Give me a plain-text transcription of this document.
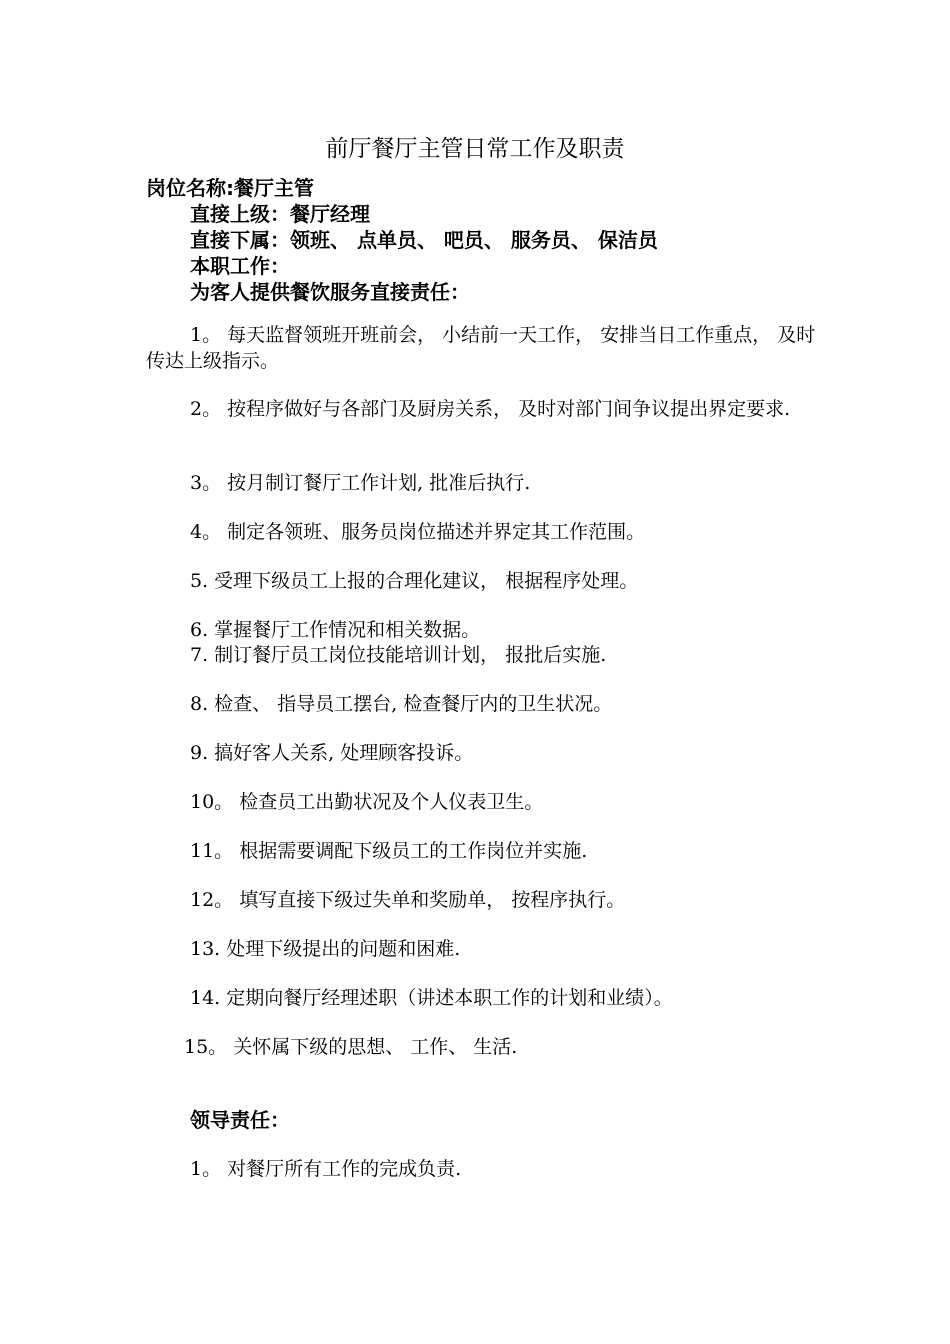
前厅餐厅主管日常工作及职责
岗位名称:餐厅主管
直接上级：餐厅经理
直接下属：领班、 点单员、 吧员、 服务员、 保洁员
本职工作：
为客人提供餐饮服务直接责任：
1。 每天监督领班开班前会， 小结前一天工作， 安排当日工作重点， 及时传达上级指示。
2。 按程序做好与各部门及厨房关系， 及时对部门间争议提出界定要求.
3。 按月制订餐厅工作计划, 批准后执行.
4。 制定各领班、服务员岗位描述并界定其工作范围。
5. 受理下级员工上报的合理化建议， 根据程序处理。
6. 掌握餐厅工作情况和相关数据。
7. 制订餐厅员工岗位技能培训计划， 报批后实施.
8. 检查、 指导员工摆台, 检查餐厅内的卫生状况。
9. 搞好客人关系, 处理顾客投诉。
10。 检查员工出勤状况及个人仪表卫生。
11。 根据需要调配下级员工的工作岗位并实施.
12。 填写直接下级过失单和奖励单， 按程序执行。
13. 处理下级提出的问题和困难.
14. 定期向餐厅经理述职（讲述本职工作的计划和业绩）。
15。 关怀属下级的思想、 工作、 生活.
领导责任：
1。 对餐厅所有工作的完成负责.
